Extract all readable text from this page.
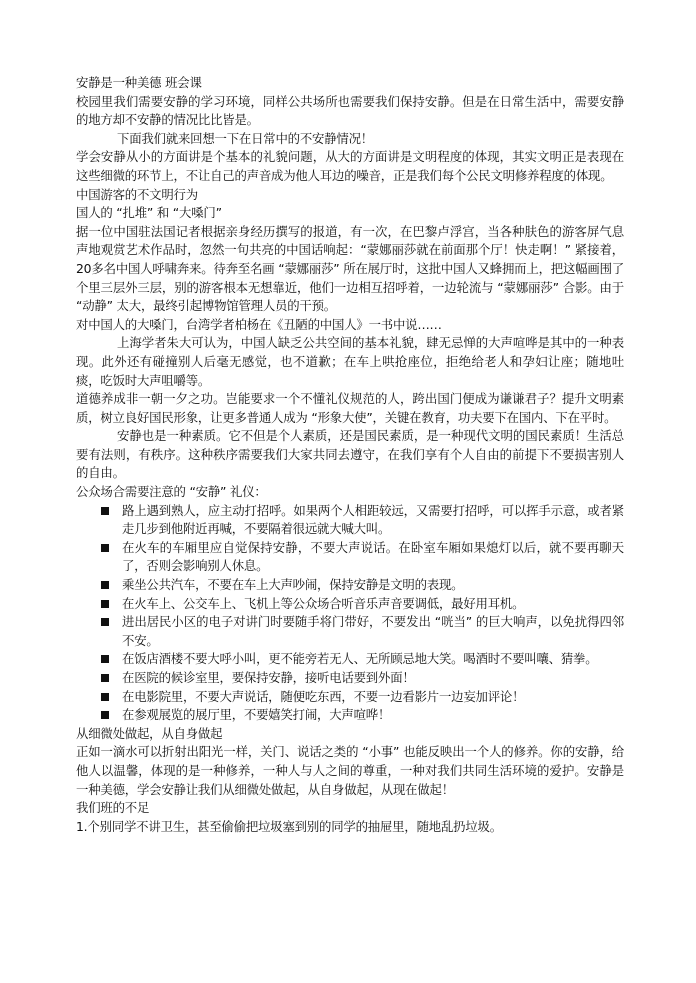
安静是一种美德 班会课

校园里我们需要安静的学习环境，同样公共场所也需要我们保持安静。但是在日常生活中，需要安静的地方却不安静的情况比比皆是。

下面我们就来回想一下在日常中的不安静情况！

学会安静从小的方面讲是个基本的礼貌问题，从大的方面讲是文明程度的体现，其实文明正是表现在这些细微的环节上，不让自己的声音成为他人耳边的噪音，正是我们每个公民文明修养程度的体现。

中国游客的不文明行为

国人的 “扎堆” 和 “大嗓门”

据一位中国驻法国记者根据亲身经历撰写的报道，有一次，在巴黎卢浮宫，当各种肤色的游客屏气息声地观赏艺术作品时，忽然一句共亮的中国话响起：“蒙娜丽莎就在前面那个厅！快走啊！” 紧接着，20多名中国人呼啸奔来。待奔至名画 “蒙娜丽莎” 所在展厅时，这批中国人又蜂拥而上，把这幅画围了个里三层外三层，别的游客根本无想靠近，他们一边相互招呼着，一边轮流与 “蒙娜丽莎” 合影。由于 “动静” 太大，最终引起博物馆管理人员的干预。

对中国人的大嗓门，台湾学者柏杨在《丑陋的中国人》一书中说……

上海学者朱大可认为，中国人缺乏公共空间的基本礼貌，肆无忌惮的大声喧哗是其中的一种表现。此外还有碰撞别人后毫无感觉，也不道歉；在车上哄抢座位，拒绝给老人和孕妇让座；随地吐痰，吃饭时大声咀嚼等。

道德养成非一朝一夕之功。岂能要求一个不懂礼仪规范的人，跨出国门便成为谦谦君子？提升文明素质，树立良好国民形象，让更多普通人成为 “形象大使”，关键在教育，功夫要下在国内、下在平时。

安静也是一种素质。它不但是个人素质，还是国民素质，是一种现代文明的国民素质！生活总要有法则，有秩序。这种秩序需要我们大家共同去遵守，在我们享有个人自由的前提下不要损害别人的自由。

公众场合需要注意的 “安静” 礼仪：

路上遇到熟人，应主动打招呼。如果两个人相距较远，又需要打招呼，可以挥手示意，或者紧走几步到他附近再喊，不要隔着很远就大喊大叫。
在火车的车厢里应自觉保持安静，不要大声说话。在卧室车厢如果熄灯以后，就不要再聊天了，否则会影响别人休息。
乘坐公共汽车，不要在车上大声吵闹，保持安静是文明的表现。
在火车上、公交车上、飞机上等公众场合听音乐声音要调低，最好用耳机。
进出居民小区的电子对讲门时要随手将门带好，不要发出 “咣当” 的巨大响声，以免扰得四邻不安。
在饭店酒楼不要大呼小叫，更不能旁若无人、无所顾忌地大笑。喝酒时不要叫嚷、猜拳。
在医院的候诊室里，要保持安静，接听电话要到外面！
在电影院里，不要大声说话，随便吃东西，不要一边看影片一边妄加评论！
在参观展览的展厅里，不要嬉笑打闹，大声喧哗！

从细微处做起，从自身做起

正如一滴水可以折射出阳光一样，关门、说话之类的 “小事” 也能反映出一个人的修养。你的安静，给他人以温馨，体现的是一种修养，一种人与人之间的尊重，一种对我们共同生活环境的爱护。安静是一种美德，学会安静让我们从细微处做起，从自身做起，从现在做起！

我们班的不足

1.个别同学不讲卫生，甚至偷偷把垃圾塞到别的同学的抽屉里，随地乱扔垃圾。
